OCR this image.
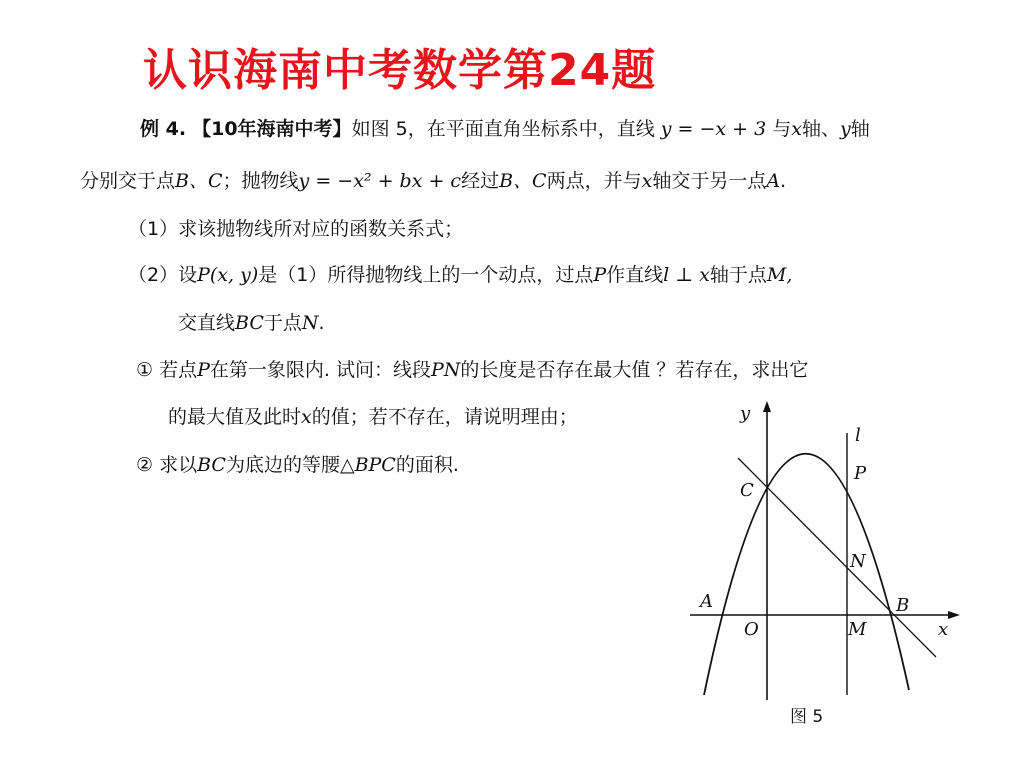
认识海南中考数学第24题
例 4. 【10年海南中考】如图 5，在平面直角坐标系中，直线 y = −x + 3 与x轴、y轴
分别交于点B、C；抛物线y = −x² + bx + c经过B、C两点，并与x轴交于另一点A.
（1）求该抛物线所对应的函数关系式；
（2）设P(x, y)是（1）所得抛物线上的一个动点，过点P作直线l ⊥ x轴于点M,
交直线BC于点N.
① 若点P在第一象限内. 试问：线段PN的长度是否存在最大值 ？若存在，求出它
的最大值及此时x的值；若不存在，请说明理由；
② 求以BC为底边的等腰△BPC的面积.
y
x
l
C
P
N
A	B
O	M
图 5
